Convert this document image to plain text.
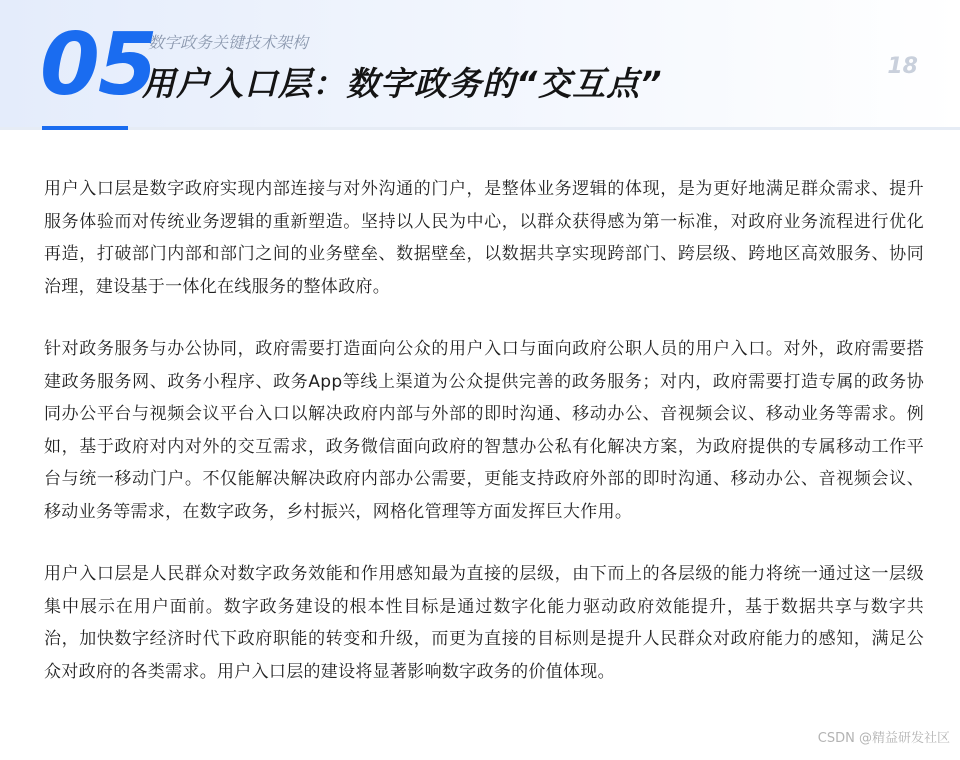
05
数字政务关键技术架构
用户入口层：数字政务的“交互点”	18

用户入口层是数字政府实现内部连接与对外沟通的门户，是整体业务逻辑的体现，是为更好地满足群众需求、提升服务体验而对传统业务逻辑的重新塑造。坚持以人民为中心，以群众获得感为第一标准，对政府业务流程进行优化再造，打破部门内部和部门之间的业务壁垒、数据壁垒，以数据共享实现跨部门、跨层级、跨地区高效服务、协同治理，建设基于一体化在线服务的整体政府。

针对政务服务与办公协同，政府需要打造面向公众的用户入口与面向政府公职人员的用户入口。对外，政府需要搭建政务服务网、政务小程序、政务App等线上渠道为公众提供完善的政务服务；对内，政府需要打造专属的政务协同办公平台与视频会议平台入口以解决政府内部与外部的即时沟通、移动办公、音视频会议、移动业务等需求。例如，基于政府对内对外的交互需求，政务微信面向政府的智慧办公私有化解决方案，为政府提供的专属移动工作平台与统一移动门户。不仅能解决解决政府内部办公需要，更能支持政府外部的即时沟通、移动办公、音视频会议、移动业务等需求，在数字政务，乡村振兴，网格化管理等方面发挥巨大作用。

用户入口层是人民群众对数字政务效能和作用感知最为直接的层级，由下而上的各层级的能力将统一通过这一层级集中展示在用户面前。数字政务建设的根本性目标是通过数字化能力驱动政府效能提升，基于数据共享与数字共治，加快数字经济时代下政府职能的转变和升级，而更为直接的目标则是提升人民群众对政府能力的感知，满足公众对政府的各类需求。用户入口层的建设将显著影响数字政务的价值体现。

CSDN @精益研发社区
